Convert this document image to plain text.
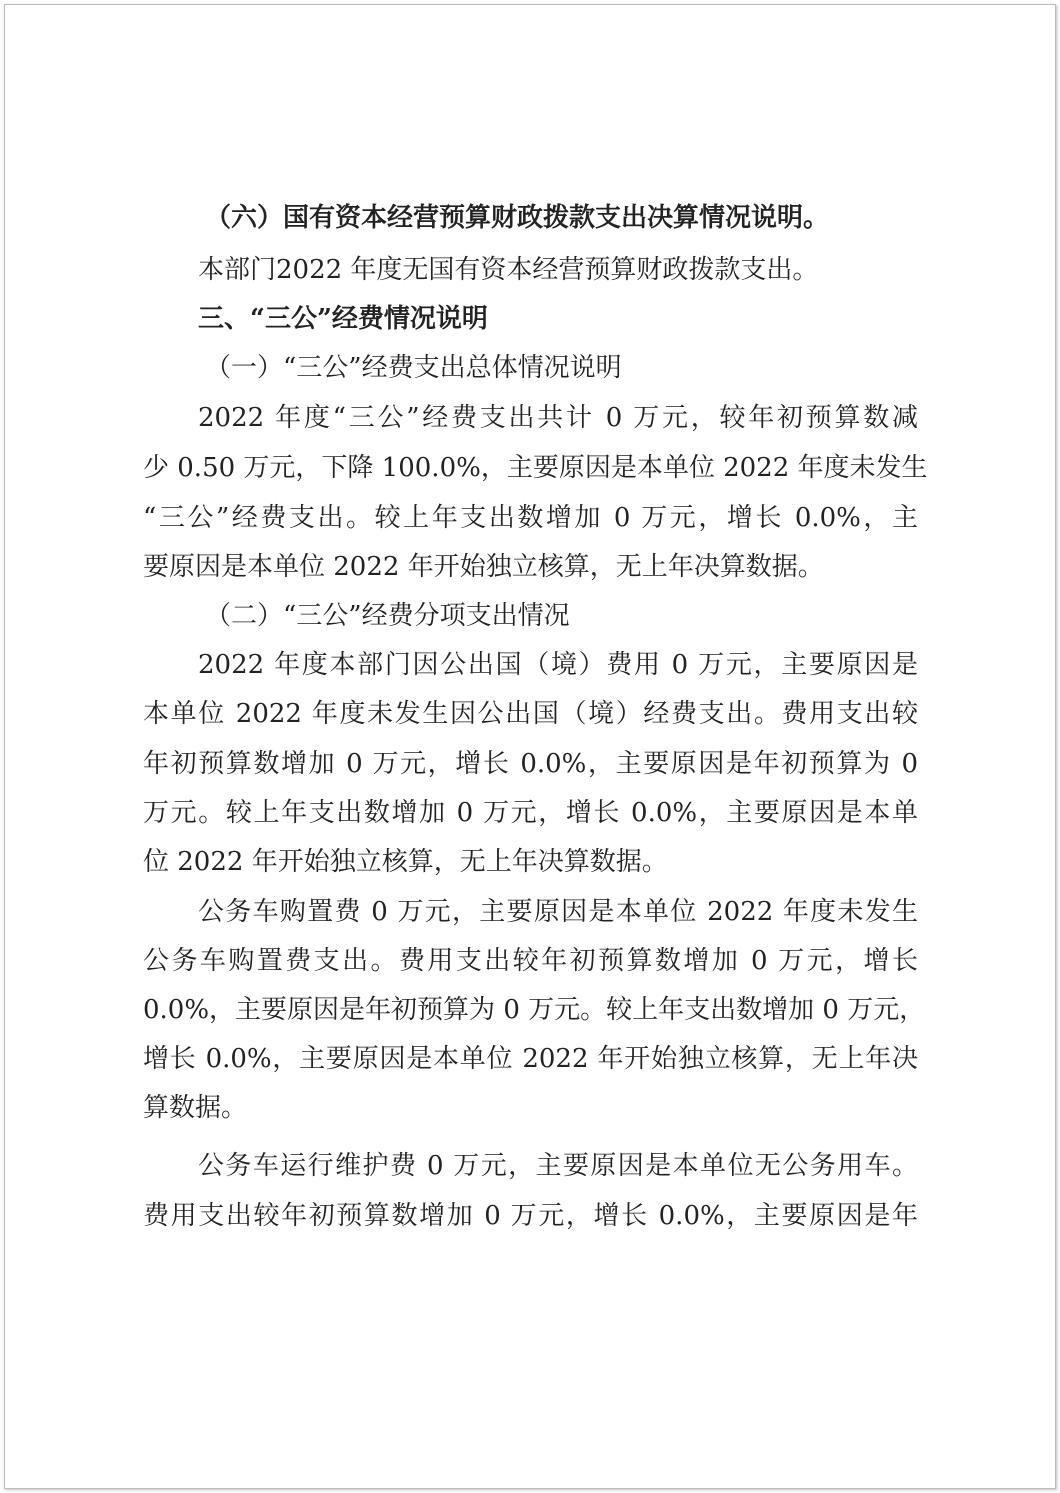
（六）国有资本经营预算财政拨款支出决算情况说明。
本部门2022 年度无国有资本经营预算财政拨款支出。
三、“三公”经费情况说明
（一）“三公”经费支出总体情况说明
2022 年度“三公”经费支出共计 0 万元，较年初预算数减
少 0.50 万元，下降 100.0%，主要原因是本单位 2022 年度未发生
“三公”经费支出。较上年支出数增加 0 万元，增长 0.0%，主
要原因是本单位 2022 年开始独立核算，无上年决算数据。
（二）“三公”经费分项支出情况
2022 年度本部门因公出国（境）费用 0 万元，主要原因是
本单位 2022 年度未发生因公出国（境）经费支出。费用支出较
年初预算数增加 0 万元，增长 0.0%，主要原因是年初预算为 0
万元。较上年支出数增加 0 万元，增长 0.0%，主要原因是本单
位 2022 年开始独立核算，无上年决算数据。
公务车购置费 0 万元，主要原因是本单位 2022 年度未发生
公务车购置费支出。费用支出较年初预算数增加 0 万元，增长
0.0%，主要原因是年初预算为 0 万元。较上年支出数增加 0 万元，
增长 0.0%，主要原因是本单位 2022 年开始独立核算，无上年决
算数据。
公务车运行维护费 0 万元，主要原因是本单位无公务用车。
费用支出较年初预算数增加 0 万元，增长 0.0%，主要原因是年
